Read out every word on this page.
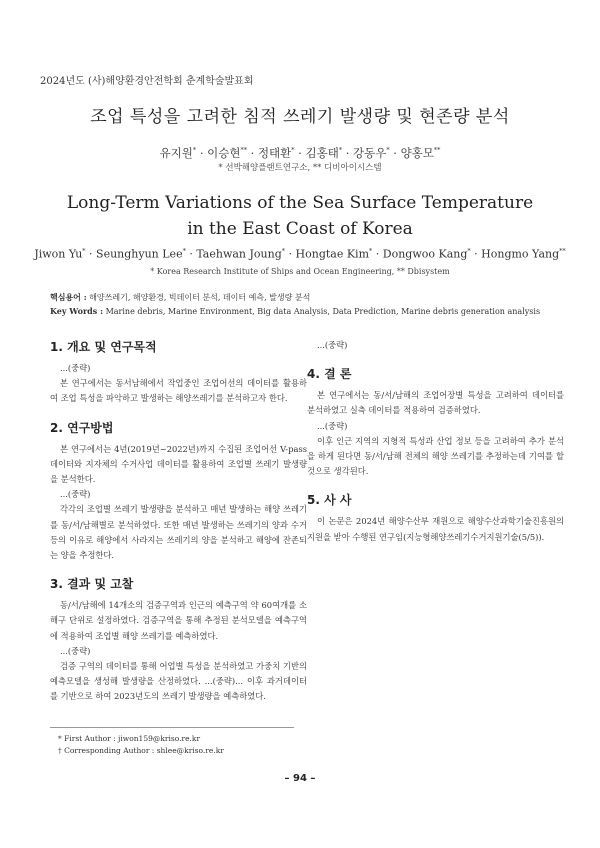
2024년도 (사)해양환경안전학회 춘계학술발표회
조업 특성을 고려한 침적 쓰레기 발생량 및 현존량 분석
유지원* · 이승현** · 정태환* · 김홍태* · 강동우* · 양홍모**
* 선박해양플랜트연구소, ** 디비아이시스템
Long-Term Variations of the Sea Surface Temperature
in the East Coast of Korea
Jiwon Yu* · Seunghyun Lee* · Taehwan Joung* · Hongtae Kim* · Dongwoo Kang* · Hongmo Yang**
* Korea Research Institute of Ships and Ocean Engineering, ** Dbisystem
핵심용어 : 해양쓰레기, 해양환경, 빅데이터 분석, 데이터 예측, 발생량 분석
Key Words : Marine debris, Marine Environment, Big data Analysis, Data Prediction, Marine debris generation analysis
1. 개요 및 연구목적

...(중략)

본 연구에서는 동서남해에서 작업중인 조업어선의 데이터를 활용하여 조업 특성을 파악하고 발생하는 해양쓰레기를 분석하고자 한다.

2. 연구방법

본 연구에서는 4년(2019년~2022년)까지 수집된 조업어선 V-pass 데이터와 지자체의 수거사업 데이터를 활용하여 조업별 쓰레기 발생량을 분석한다.

...(중략)

각각의 조업별 쓰레기 발생량을 분석하고 매년 발생하는 해양 쓰레기를 동/서/남해별로 분석하였다. 또한 매년 발생하는 쓰레기의 양과 수거 등의 이유로 해양에서 사라지는 쓰레기의 양을 분석하고 해양에 잔존되는 양을 추정한다.

3. 결과 및 고찰

동/서/남해에 14개소의 검증구역과 인근의 예측구역 약 60여개를 소해구 단위로 설정하였다. 검증구역을 통해 추정된 분석모델을 예측구역에 적용하여 조업별 해양 쓰레기를 예측하였다.

...(중략)

검증 구역의 데이터를 통해 어업별 특성을 분석하였고 가중치 기반의 예측모델을 생성해 발생량을 산정하였다. ...(중략)... 이후 과거데이터를 기반으로 하여 2023년도의 쓰레기 발생량을 예측하였다.

...(중략)

4. 결 론

본 연구에서는 동/서/남해의 조업어장별 특성을 고려하여 데이터를 분석하였고 실측 데이터를 적용하여 검증하였다.

...(중략)

이후 인근 지역의 지형적 특성과 산업 정보 등을 고려하여 추가 분석을 하게 된다면 동/서/남해 전체의 해양 쓰레기를 추정하는데 기여를 할 것으로 생각된다.

5. 사 사

이 논문은 2024년 해양수산부 재원으로 해양수산과학기술진흥원의 지원을 받아 수행된 연구임(지능형해양쓰레기수거지원기술(5/5)).

* First Author : jiwon159@kriso.re.kr
† Corresponding Author : shlee@kriso.re.kr
– 94 –
